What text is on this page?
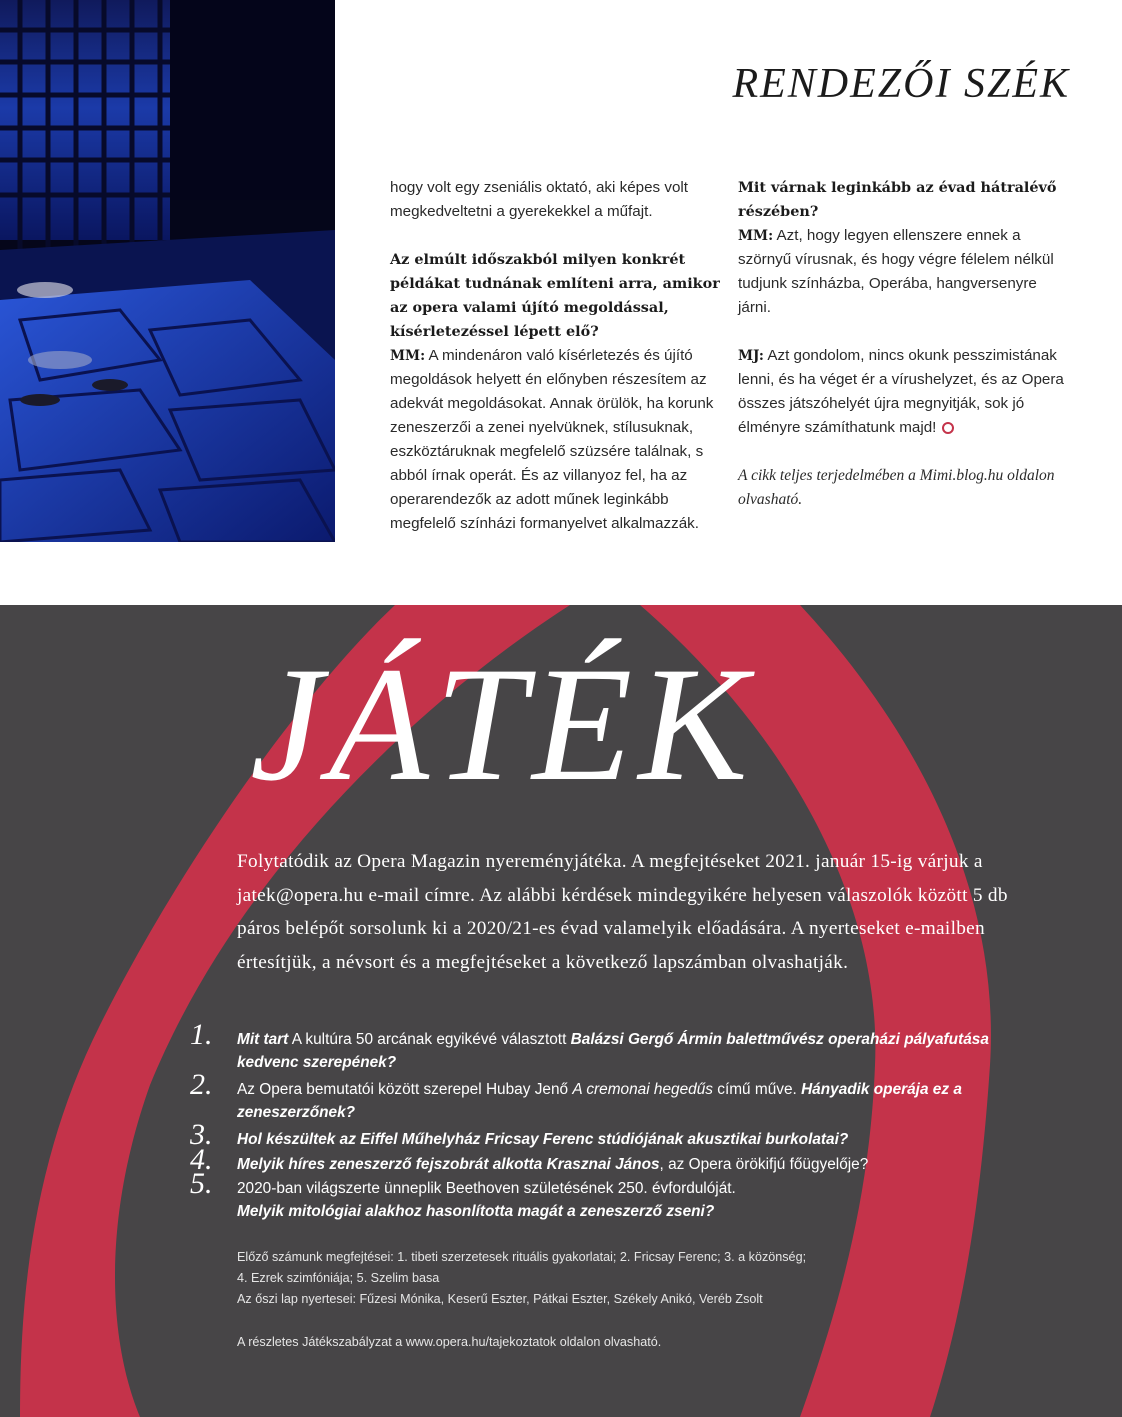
RENDEZŐI SZÉK

hogy volt egy zseniális oktató, aki képes volt megkedveltetni a gyerekekkel a műfajt.

Az elmúlt időszakból milyen konkrét példákat tudnának említeni arra, amikor az opera valami újító megoldással, kísérletezéssel lépett elő?

MM: A mindenáron való kísérletezés és újító megoldások helyett én előnyben részesítem az adekvát megoldásokat. Annak örülök, ha korunk zeneszerzői a zenei nyelvüknek, stílusuknak, eszköztáruknak megfelelő szüzsére találnak, s abból írnak operát. És az villanyoz fel, ha az operarendezők az adott műnek leginkább megfelelő színházi formanyelvet alkalmazzák.

Mit várnak leginkább az évad hátralévő részében?

MM: Azt, hogy legyen ellenszere ennek a szörnyű vírusnak, és hogy végre félelem nélkül tudjunk színházba, Operába, hangversenyre járni.

MJ: Azt gondolom, nincs okunk pesszimistának lenni, és ha véget ér a vírushelyzet, és az Opera összes játszóhelyét újra megnyitják, sok jó élményre számíthatunk majd!

A cikk teljes terjedelmében a Mimi.blog.hu oldalon olvasható.

JÁTÉK
Folytatódik az Opera Magazin nyereményjátéka. A megfejtéseket 2021. január 15-ig várjuk a jatek@opera.hu e-mail címre. Az alábbi kérdések mindegyikére helyesen válaszolók között 5 db páros belépőt sorsolunk ki a 2020/21-es évad valamelyik előadására. A nyerteseket e-mailben értesítjük, a névsort és a megfejtéseket a következő lapszámban olvashatják.
1.	Mit tart A kultúra 50 arcának egyikévé választott Balázsi Gergő Ármin balettművész operaházi pályafutása kedvenc szerepének?
2.	Az Opera bemutatói között szerepel Hubay Jenő A cremonai hegedűs című műve. Hányadik operája ez a zeneszerzőnek?
3.	Hol készültek az Eiffel Műhelyház Fricsay Ferenc stúdiójának akusztikai burkolatai?
4.	Melyik híres zeneszerző fejszobrát alkotta Krasznai János, az Opera örökifjú főügyelője?
5.	2020-ban világszerte ünneplik Beethoven születésének 250. évfordulóját.
Melyik mitológiai alakhoz hasonlította magát a zeneszerző zseni?
Előző számunk megfejtései: 1. tibeti szerzetesek rituális gyakorlatai; 2. Fricsay Ferenc; 3. a közönség;
4. Ezrek szimfóniája; 5. Szelim basa
Az őszi lap nyertesei: Fűzesi Mónika, Keserű Eszter, Pátkai Eszter, Székely Anikó, Veréb Zsolt
A részletes Játékszabályzat a www.opera.hu/tajekoztatok oldalon olvasható.
